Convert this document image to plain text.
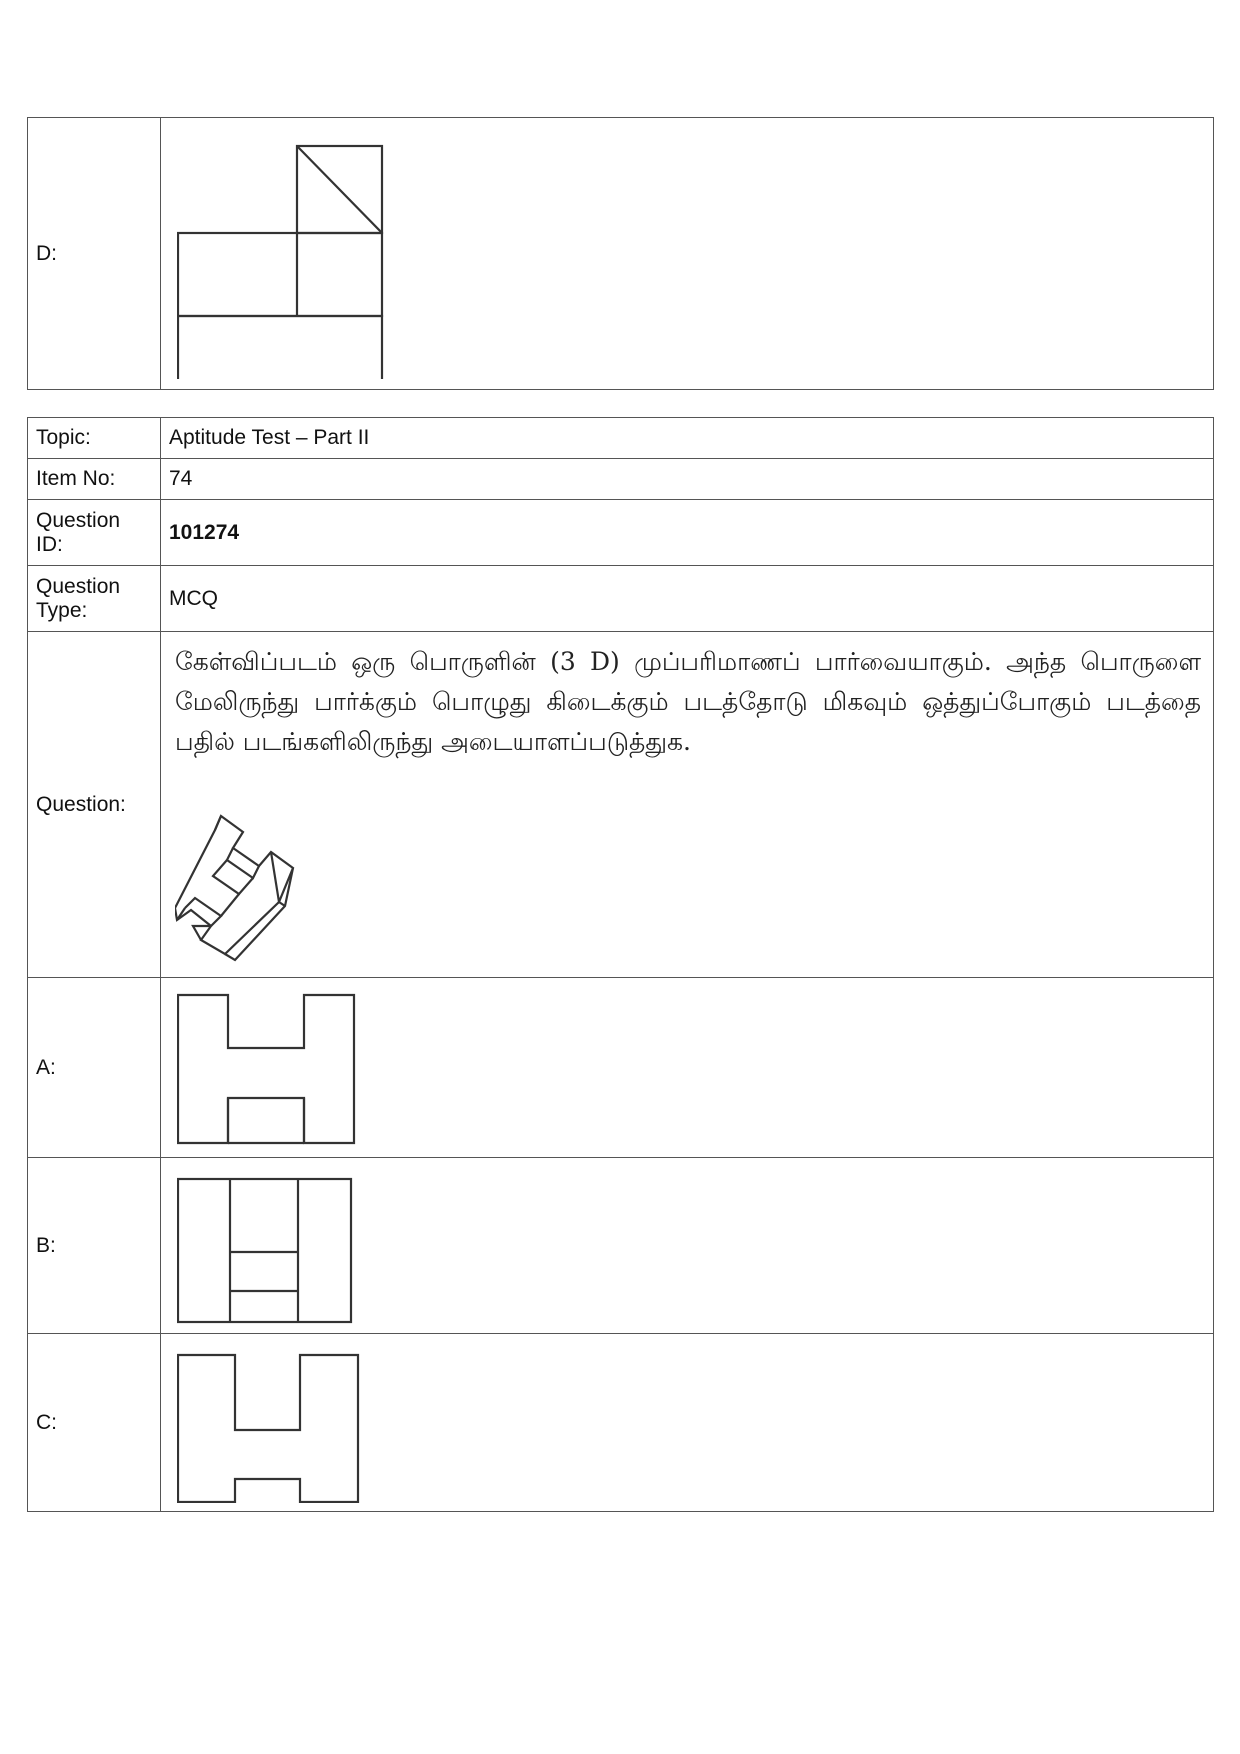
D:	
Topic:	Aptitude Test – Part II
Item No:	74
Question ID:	101274
Question Type:	MCQ
Question:	கேள்விப்படம் ஒரு பொருளின் (3 D) முப்பரிமாணப் பார்வையாகும். அந்த பொருளை மேலிருந்து பார்க்கும் பொழுது கிடைக்கும் படத்தோடு மிகவும் ஒத்துப்போகும் படத்தை பதில் படங்களிலிருந்து அடையாளப்படுத்துக.

A:	

B:	

C:	
